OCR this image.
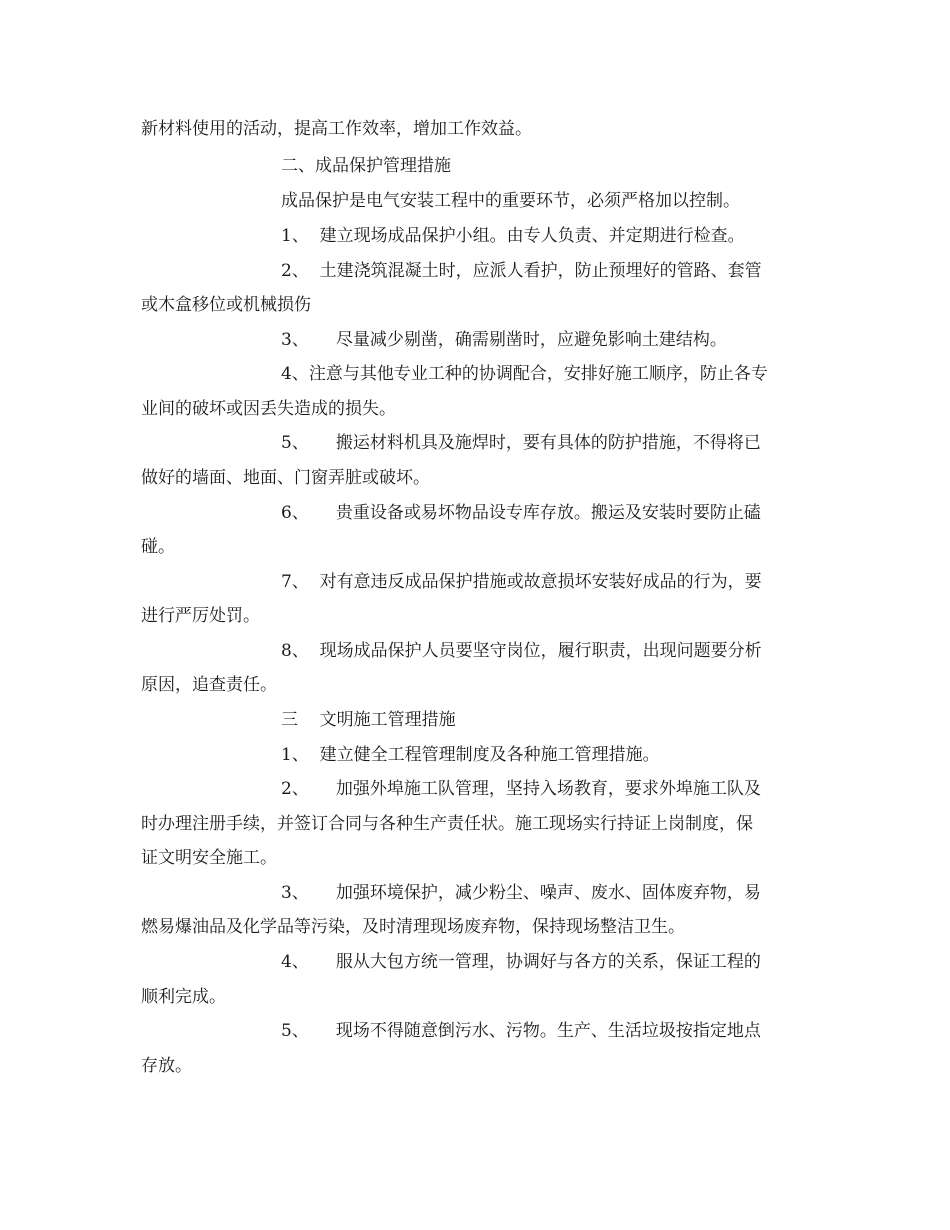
新材料使用的活动，提高工作效率，增加工作效益。
二、成品保护管理措施
成品保护是电气安装工程中的重要环节，必须严格加以控制。
1、  建立现场成品保护小组。由专人负责、并定期进行检查。
2、  土建浇筑混凝土时，应派人看护，防止预埋好的管路、套管
或木盒移位或机械损伤
3、     尽量减少剔凿，确需剔凿时，应避免影响土建结构。
4、注意与其他专业工种的协调配合，安排好施工顺序，防止各专
业间的破坏或因丢失造成的损失。
5、     搬运材料机具及施焊时，要有具体的防护措施，不得将已
做好的墙面、地面、门窗弄脏或破坏。
6、     贵重设备或易坏物品设专库存放。搬运及安装时要防止磕
碰。
7、  对有意违反成品保护措施或故意损坏安装好成品的行为，要
进行严厉处罚。
8、  现场成品保护人员要坚守岗位，履行职责，出现问题要分析
原因，追查责任。
三    文明施工管理措施
1、  建立健全工程管理制度及各种施工管理措施。
2、     加强外埠施工队管理，坚持入场教育，要求外埠施工队及
时办理注册手续，并签订合同与各种生产责任状。施工现场实行持证上岗制度，保
证文明安全施工。
3、     加强环境保护，减少粉尘、噪声、废水、固体废弃物，易
燃易爆油品及化学品等污染，及时清理现场废弃物，保持现场整洁卫生。
4、     服从大包方统一管理，协调好与各方的关系，保证工程的
顺利完成。
5、     现场不得随意倒污水、污物。生产、生活垃圾按指定地点
存放。
